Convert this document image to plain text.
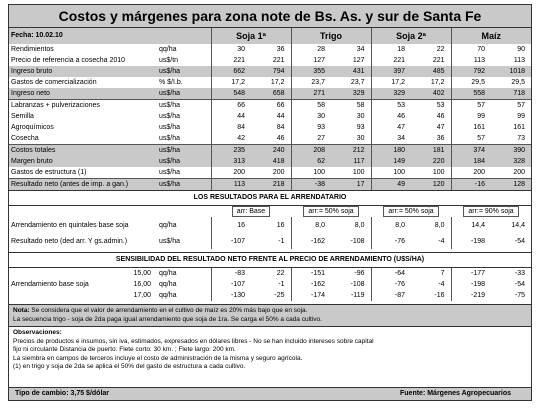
Costos y márgenes para zona note de Bs. As. y sur de Santa Fe
Fecha: 10.02.10		Soja 1ª		Trigo		Soja 2ª		Maíz	
Rendimientos	qq/ha	30	36	28	34	18	22	70	90
Precio de referencia a cosecha 2010	us$/tn	221	221	127	127	221	221	113	113
Ingreso bruto	us$/ha	662	794	355	431	397	485	792	1018
Gastos de comercialización	% $/I.b.	17,2	17,2	23,7	23,7	17,2	17,2	29,5	29,5
Ingreso neto	us$/ha	548	658	271	329	329	402	558	718
Labranzas + pulverizaciones	us$/ha	66	66	58	58	53	53	57	57
Semilla	us$/ha	44	44	30	30	46	46	99	99
Agroquímicos	us$/ha	84	84	93	93	47	47	161	161
Cosecha	us$/ha	42	46	27	30	34	36	57	73
Costos totales	us$/ha	235	240	208	212	180	181	374	390
Margen bruto	us$/ha	313	418	62	117	149	220	184	328
Gastos de estructura (1)	us$/ha	200	200	100	100	100	100	200	200
Resultado neto (antes de imp. a gan.)	us$/ha	113	218	-38	17	49	120	-16	128
LOS RESULTADOS PARA EL ARRENDATARIO
		arr: Base		arr:= 50% soja		arr:= 50% soja		arr:= 90% soja	
Arrendamiento en quintales base soja	qq/ha	16	16	8,0	8,0	8,0	8,0	14,4	14,4
Resultado neto (ded arr. Y gs.admin.)	us$/ha	-107	-1	-162	-108	-76	-4	-198	-54
SENSIBILIDAD DEL RESULTADO NETO FRENTE AL PRECIO DE ARRENDAMIENTO (U$S/HA)
	15,00	qq/ha	-83	22	-151	-96	-64	7	-177	-33
Arrendamiento base soja	16,00	qq/ha	-107	-1	-162	-108	-76	-4	-198	-54
	17,00	qq/ha	-130	-25	-174	-119	-87	-16	-219	-75
Nota: Se considera que el valor de arrendamiento en el cultivo de maíz es 20% más bajo que en soja.
La secuencia trigo - soja de 2da paga igual arrendamiento que soja de 1ra. Se carga el 50% a cada cultivo.
Observaciones:
Precios de productos e insumos, sin iva, estimados, expresados en dólares libres - No se han incluido intereses sobre capital
fijo ni circulante Distancia de puerto: Flete corto: 30 km. ; Flete largo: 200 km.
La siembra en campos de terceros incluye el costo de administración de la misma y seguro agrícola.
(1) en trigo y soja de 2da se aplica el 50% del gasto de estructura a cada cultivo.
Tipo de cambio: 3,75 $/dólar	Fuente: Márgenes Agropecuarios
